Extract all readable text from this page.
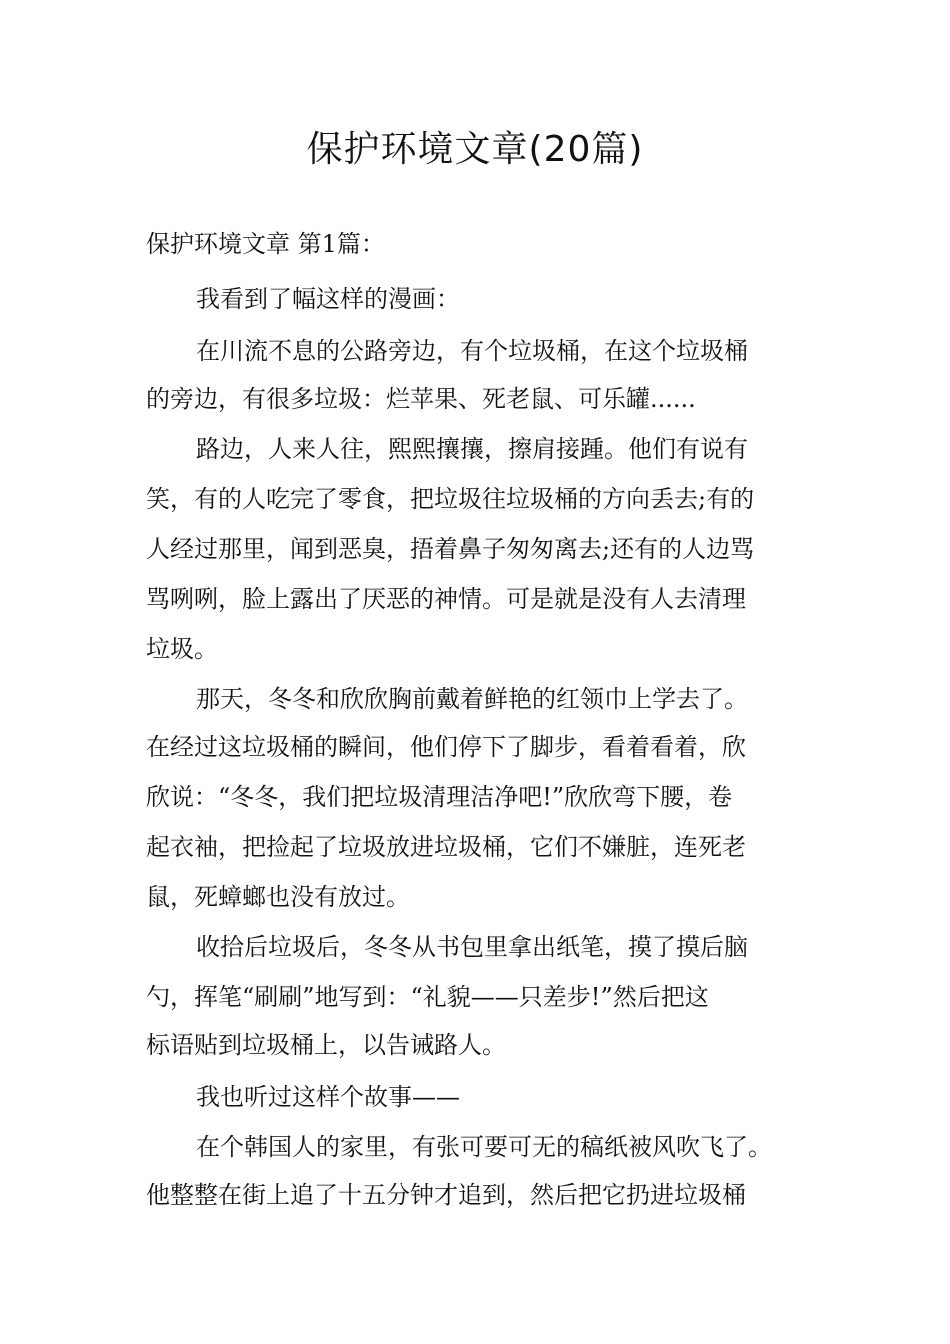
保护环境文章(20篇)

保护环境文章 第1篇：

我看到了幅这样的漫画：

在川流不息的公路旁边，有个垃圾桶，在这个垃圾桶

的旁边，有很多垃圾：烂苹果、死老鼠、可乐罐......

路边，人来人往，熙熙攘攘，擦肩接踵。他们有说有

笑，有的人吃完了零食，把垃圾往垃圾桶的方向丢去;有的

人经过那里，闻到恶臭，捂着鼻子匆匆离去;还有的人边骂

骂咧咧，脸上露出了厌恶的神情。可是就是没有人去清理

垃圾。

那天，冬冬和欣欣胸前戴着鲜艳的红领巾上学去了。

在经过这垃圾桶的瞬间，他们停下了脚步，看着看着，欣

欣说：“冬冬，我们把垃圾清理洁净吧!”欣欣弯下腰，卷

起衣袖，把捡起了垃圾放进垃圾桶，它们不嫌脏，连死老

鼠，死蟑螂也没有放过。

收拾后垃圾后，冬冬从书包里拿出纸笔，摸了摸后脑

勺，挥笔“刷刷”地写到：“礼貌——只差步!”然后把这

标语贴到垃圾桶上，以告诫路人。

我也听过这样个故事——

在个韩国人的家里，有张可要可无的稿纸被风吹飞了。

他整整在街上追了十五分钟才追到，然后把它扔进垃圾桶
